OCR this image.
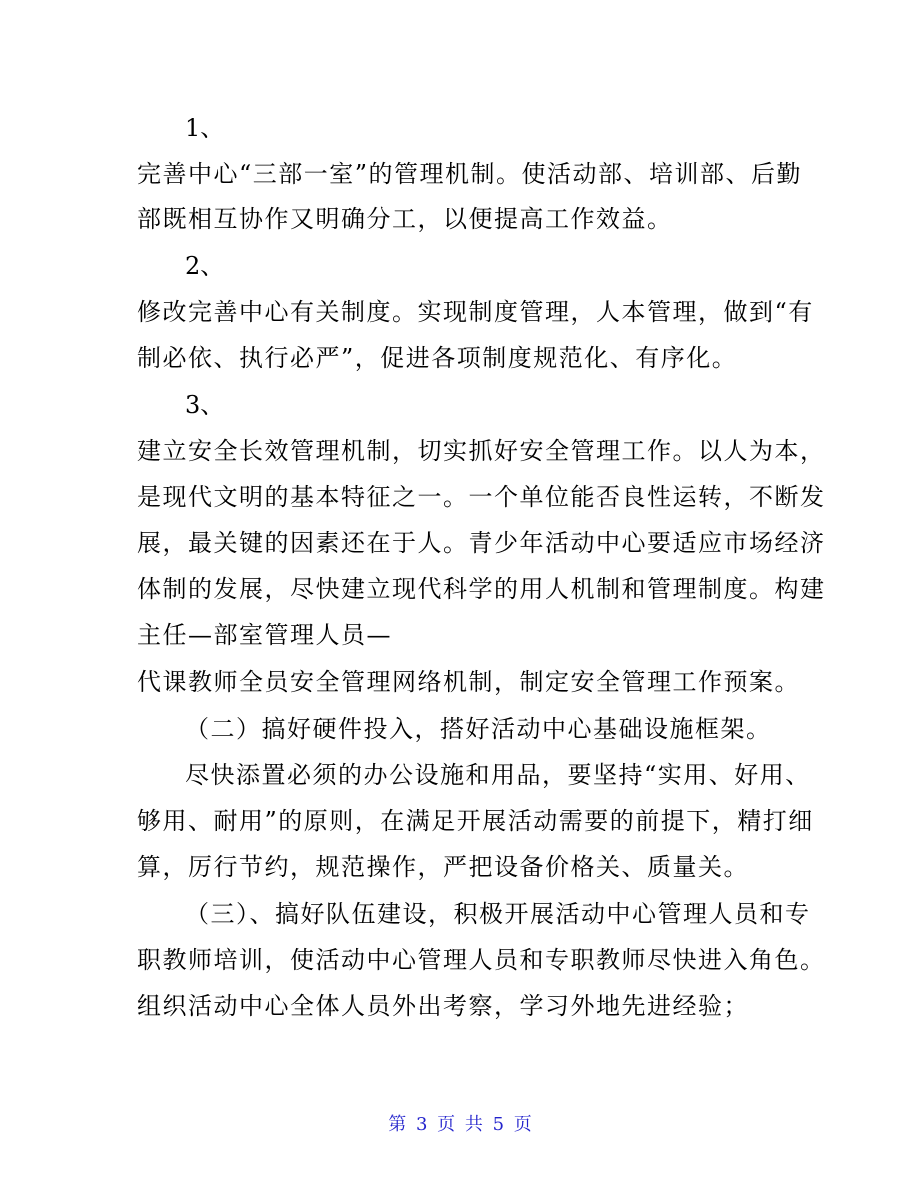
1、
完善中心“三部一室”的管理机制。使活动部、培训部、后勤
部既相互协作又明确分工，以便提高工作效益。
2、
修改完善中心有关制度。实现制度管理，人本管理，做到“有
制必依、执行必严”，促进各项制度规范化、有序化。
3、
建立安全长效管理机制，切实抓好安全管理工作。以人为本，
是现代文明的基本特征之一。一个单位能否良性运转，不断发
展，最关键的因素还在于人。青少年活动中心要适应市场经济
体制的发展，尽快建立现代科学的用人机制和管理制度。构建
主任—部室管理人员—
代课教师全员安全管理网络机制，制定安全管理工作预案。
（二）搞好硬件投入，搭好活动中心基础设施框架。
尽快添置必须的办公设施和用品，要坚持“实用、好用、
够用、耐用”的原则，在满足开展活动需要的前提下，精打细
算，厉行节约，规范操作，严把设备价格关、质量关。
（三）、搞好队伍建设，积极开展活动中心管理人员和专
职教师培训，使活动中心管理人员和专职教师尽快进入角色。
组织活动中心全体人员外出考察，学习外地先进经验；
第 3 页 共 5 页
